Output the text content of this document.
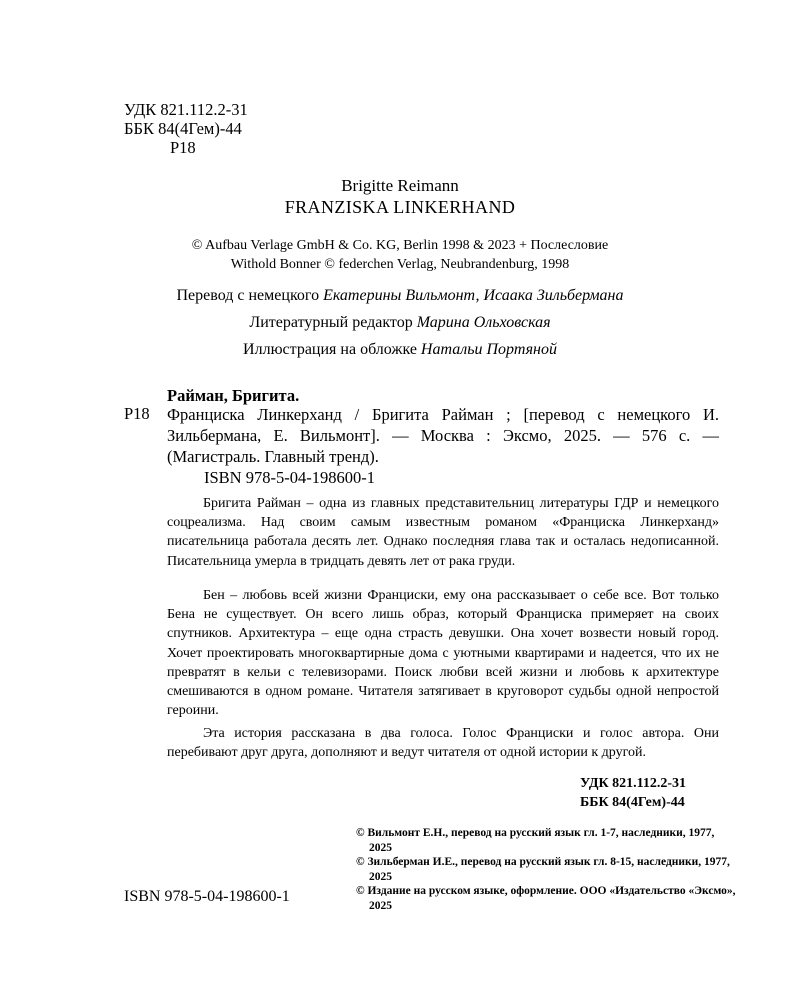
УДК 821.112.2-31
ББК 84(4Гем)-44
Р18
Brigitte Reimann
FRANZISKA LINKERHAND
© Aufbau Verlage GmbH & Co. KG, Berlin 1998 & 2023 + Послесловие
Withold Bonner © federchen Verlag, Neubrandenburg, 1998
Перевод с немецкого Екатерины Вильмонт, Исаака Зильбермана
Литературный редактор Марина Ольховская
Иллюстрация на обложке Натальи Портяной
Райман, Бригита.
Р18 Франциска Линкерханд / Бригита Райман ; [перевод с немецкого И. Зильбермана, Е. Вильмонт]. — Москва : Эксмо, 2025. — 576 с. — (Магистраль. Главный тренд).
ISBN 978-5-04-198600-1
Бригита Райман – одна из главных представительниц литературы ГДР и немецкого соцреализма. Над своим самым известным романом «Франциска Линкерханд» писательница работала десять лет. Однако последняя глава так и осталась недописанной. Писательница умерла в тридцать девять лет от рака груди.
Бен – любовь всей жизни Франциски, ему она рассказывает о себе все. Вот только Бена не существует. Он всего лишь образ, который Франциска примеряет на своих спутников. Архитектура – еще одна страсть девушки. Она хочет возвести новый город. Хочет проектировать многоквартирные дома с уютными квартирами и надеется, что их не превратят в кельи с телевизорами. Поиск любви всей жизни и любовь к архитектуре смешиваются в одном романе. Читателя затягивает в круговорот судьбы одной непростой героини.
Эта история рассказана в два голоса. Голос Франциски и голос автора. Они перебивают друг друга, дополняют и ведут читателя от одной истории к другой.
УДК 821.112.2-31
ББК 84(4Гем)-44
© Вильмонт Е.Н., перевод на русский язык гл. 1-7, наследники, 1977, 2025
© Зильберман И.Е., перевод на русский язык гл. 8-15, наследники, 1977, 2025
© Издание на русском языке, оформление. ООО «Издательство «Эксмо», 2025
ISBN 978-5-04-198600-1
